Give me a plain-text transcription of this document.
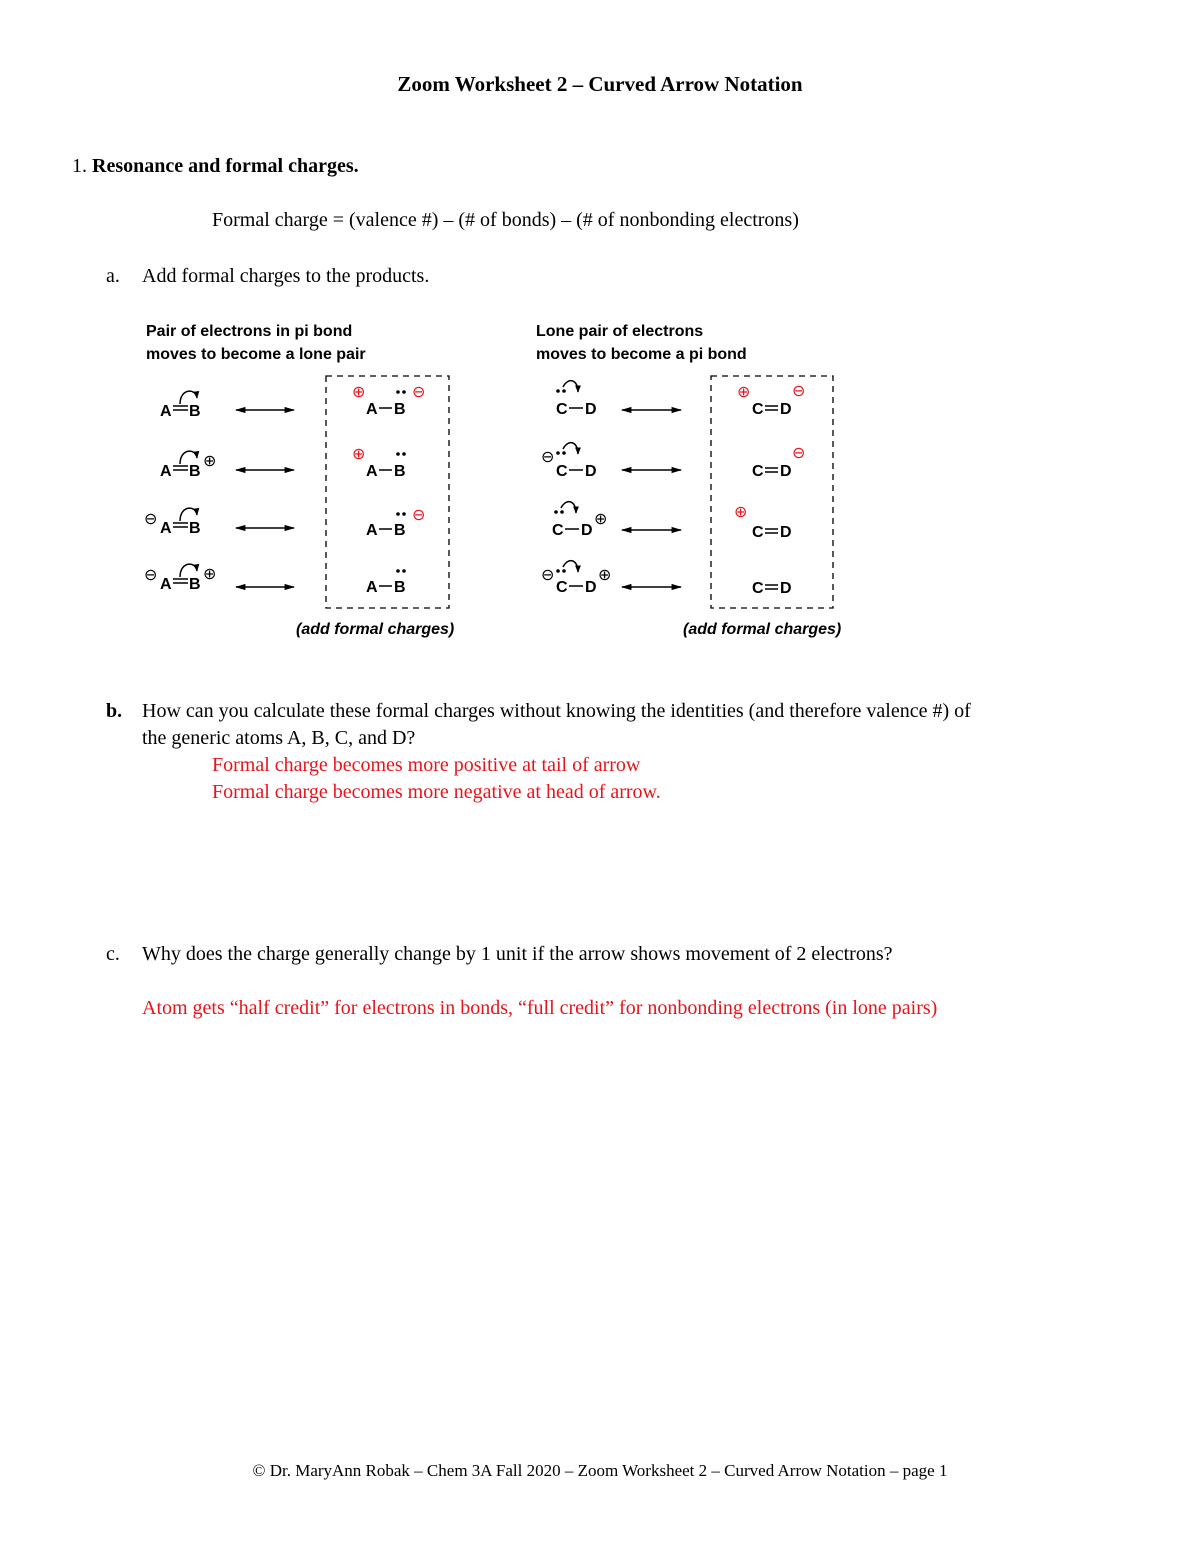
Zoom Worksheet 2 – Curved Arrow Notation
1. Resonance and formal charges.
Formal charge = (valence #) – (# of bonds) – (# of nonbonding electrons)
a. Add formal charges to the products.
Pair of electrons in pi bond
moves to become a lone pair
Lone pair of electrons
moves to become a pi bond
A B
A B
⊕
⊖
A B
⊖
A B
⊕
⊕
A B
⊖
⊕
A B
A B
⊖
A B
C D
⊖
C D
C D
⊕
⊖
C D
⊕
⊕
C D
⊖
C D
⊖
⊕
C D
C D
(add formal charges)	(add formal charges)
b. How can you calculate these formal charges without knowing the identities (and therefore valence #) of
the generic atoms A, B, C, and D?
Formal charge becomes more positive at tail of arrow
Formal charge becomes more negative at head of arrow.
c. Why does the charge generally change by 1 unit if the arrow shows movement of 2 electrons?
Atom gets “half credit” for electrons in bonds, “full credit” for nonbonding electrons (in lone pairs)
© Dr. MaryAnn Robak – Chem 3A Fall 2020 – Zoom Worksheet 2 – Curved Arrow Notation – page 1
